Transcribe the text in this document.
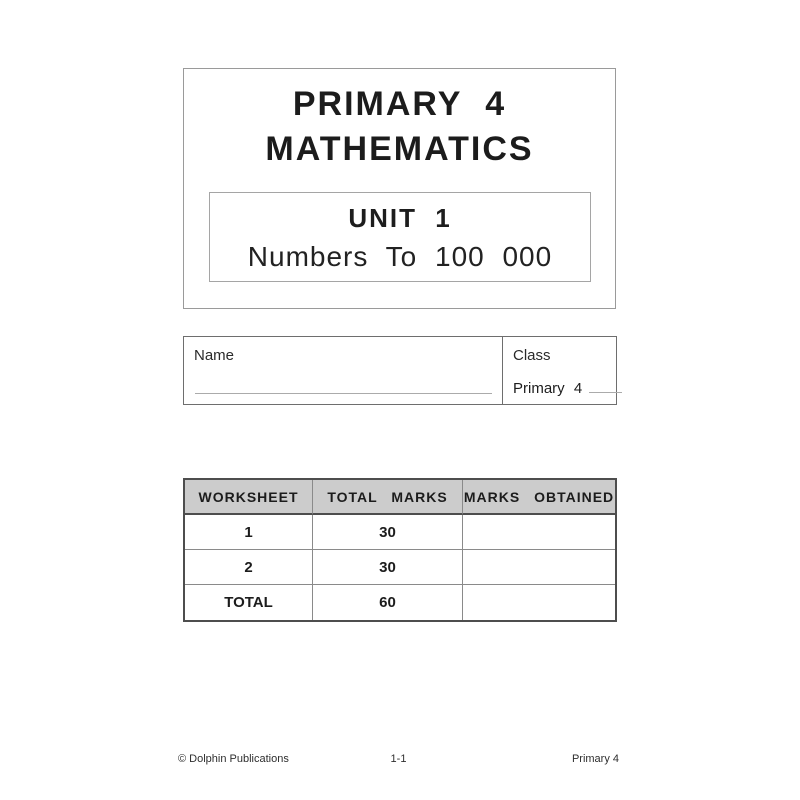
PRIMARY 4
MATHEMATICS
UNIT 1
Numbers To 100 000
Name	Class
Primary 4
WORKSHEET	TOTAL MARKS	MARKS OBTAINED
1	30
2	30
TOTAL	60
© Dolphin Publications	1-1	Primary 4
